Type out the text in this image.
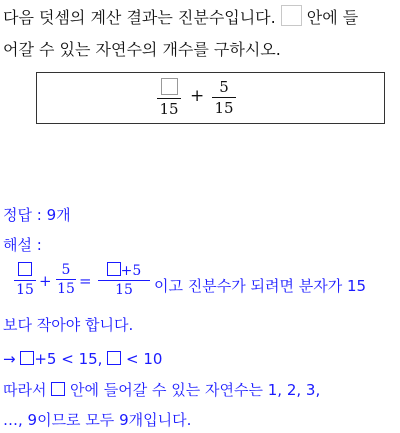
다음 덧셈의 계산 결과는 진분수입니다. 안에 들
어갈 수 있는 자연수의 개수를 구하시오.
15
+ 5
15
정답 : 9개
해설 :
15 +
5
15 =
+5
15	이고 진분수가 되려면 분자가 15
보다 작아야 합니다.
→ +5 < 15, < 10
따라서 안에 들어갈 수 있는 자연수는 1, 2, 3,
…, 9이므로 모두 9개입니다.
